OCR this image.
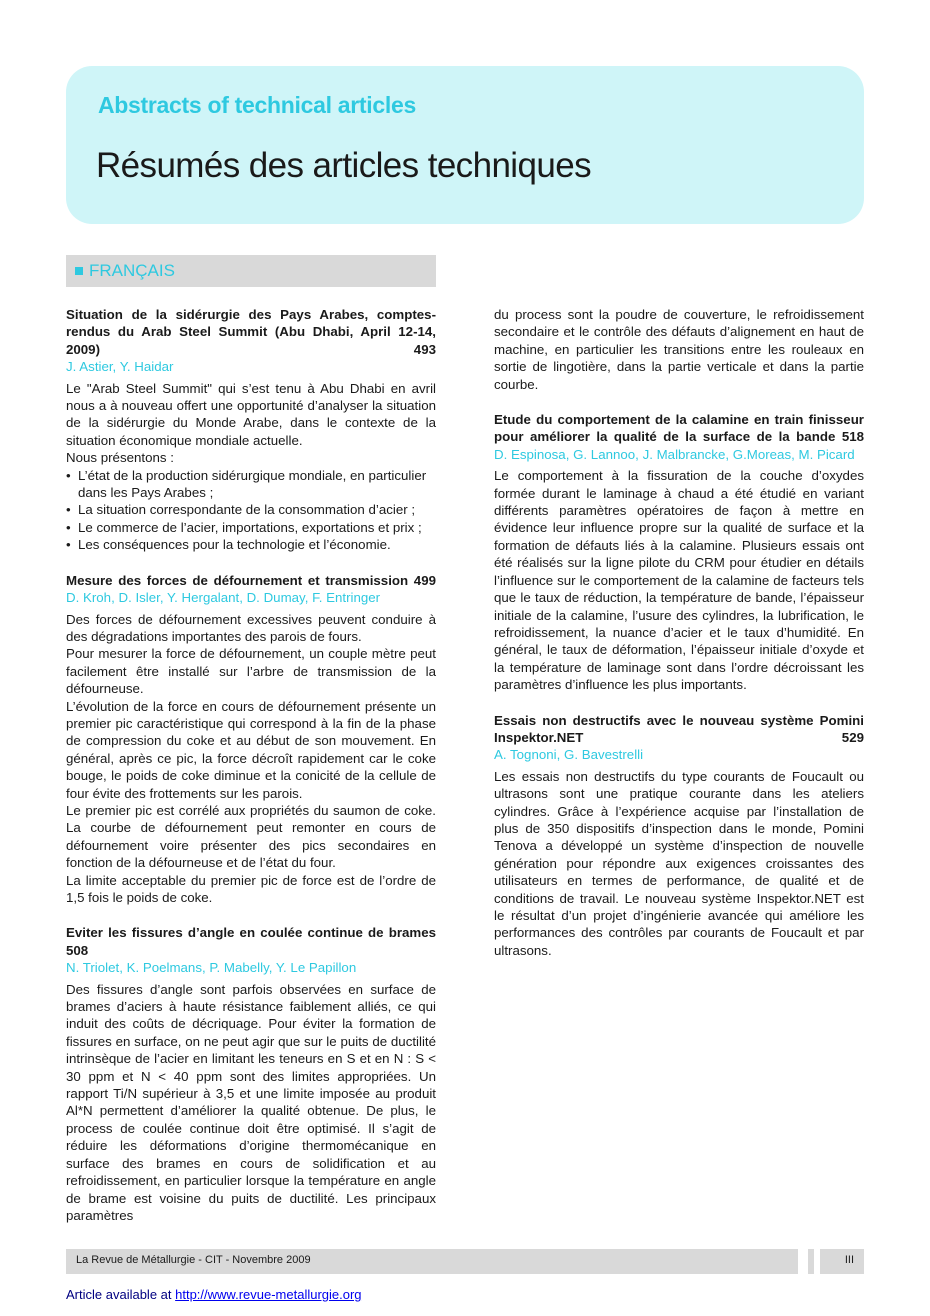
Abstracts of technical articles
Résumés des articles techniques
FRANÇAIS

Situation de la sidérurgie des Pays Arabes, comptes-rendus du Arab Steel Summit (Abu Dhabi, April 12-14, 2009) 493

J. Astier, Y. Haidar

Le "Arab Steel Summit" qui s’est tenu à Abu Dhabi en avril nous a à nouveau offert une opportunité d’analyser la situation de la sidérurgie du Monde Arabe, dans le contexte de la situation économique mondiale actuelle.

Nous présentons :

• L’état de la production sidérurgique mondiale, en particulier dans les Pays Arabes ;
• La situation correspondante de la consommation d’acier ;
• Le commerce de l’acier, importations, exportations et prix ;
• Les conséquences pour la technologie et l’économie.

Mesure des forces de défournement et transmission 499

D. Kroh, D. Isler, Y. Hergalant, D. Dumay, F. Entringer

Des forces de défournement excessives peuvent conduire à des dégradations importantes des parois de fours.

Pour mesurer la force de défournement, un couple mètre peut facilement être installé sur l’arbre de transmission de la défourneuse.

L’évolution de la force en cours de défournement présente un premier pic caractéristique qui correspond à la fin de la phase de compression du coke et au début de son mouvement. En général, après ce pic, la force décroît rapidement car le coke bouge, le poids de coke diminue et la conicité de la cellule de four évite des frottements sur les parois.

Le premier pic est corrélé aux propriétés du saumon de coke. La courbe de défournement peut remonter en cours de défournement voire présenter des pics secondaires en fonction de la défourneuse et de l’état du four.

La limite acceptable du premier pic de force est de l’ordre de 1,5 fois le poids de coke.

Eviter les fissures d’angle en coulée continue de brames 508

N. Triolet, K. Poelmans, P. Mabelly, Y. Le Papillon

Des fissures d’angle sont parfois observées en surface de brames d’aciers à haute résistance faiblement alliés, ce qui induit des coûts de décriquage. Pour éviter la formation de fissures en surface, on ne peut agir que sur le puits de ductilité intrinsèque de l’acier en limitant les teneurs en S et en N : S < 30 ppm et N < 40 ppm sont des limites appropriées. Un rapport Ti/N supérieur à 3,5 et une limite imposée au produit Al*N permettent d’améliorer la qualité obtenue. De plus, le process de coulée continue doit être optimisé. Il s’agit de réduire les déformations d’origine thermomécanique en surface des brames en cours de solidification et au refroidissement, en particulier lorsque la température en angle de brame est voisine du puits de ductilité. Les principaux paramètres

du process sont la poudre de couverture, le refroidissement secondaire et le contrôle des défauts d’alignement en haut de machine, en particulier les transitions entre les rouleaux en sortie de lingotière, dans la partie verticale et dans la partie courbe.

Etude du comportement de la calamine en train finisseur pour améliorer la qualité de la surface de la bande 518

D. Espinosa, G. Lannoo, J. Malbrancke, G.Moreas, M. Picard

Le comportement à la fissuration de la couche d’oxydes formée durant le laminage à chaud a été étudié en variant différents paramètres opératoires de façon à mettre en évidence leur influence propre sur la qualité de surface et la formation de défauts liés à la calamine. Plusieurs essais ont été réalisés sur la ligne pilote du CRM pour étudier en détails l’influence sur le comportement de la calamine de facteurs tels que le taux de réduction, la température de bande, l’épaisseur initiale de la calamine, l’usure des cylindres, la lubrification, le refroidissement, la nuance d’acier et le taux d’humidité. En général, le taux de déformation, l’épaisseur initiale d’oxyde et la température de laminage sont dans l’ordre décroissant les paramètres d’influence les plus importants.

Essais non destructifs avec le nouveau système Pomini Inspektor.NET 529

A. Tognoni, G. Bavestrelli

Les essais non destructifs du type courants de Foucault ou ultrasons sont une pratique courante dans les ateliers cylindres. Grâce à l’expérience acquise par l’installation de plus de 350 dispositifs d’inspection dans le monde, Pomini Tenova a développé un système d’inspection de nouvelle génération pour répondre aux exigences croissantes des utilisateurs en termes de performance, de qualité et de conditions de travail. Le nouveau système Inspektor.NET est le résultat d’un projet d’ingénierie avancée qui améliore les performances des contrôles par courants de Foucault et par ultrasons.

La Revue de Métallurgie - CIT - Novembre 2009	III
Article available at http://www.revue-metallurgie.org
